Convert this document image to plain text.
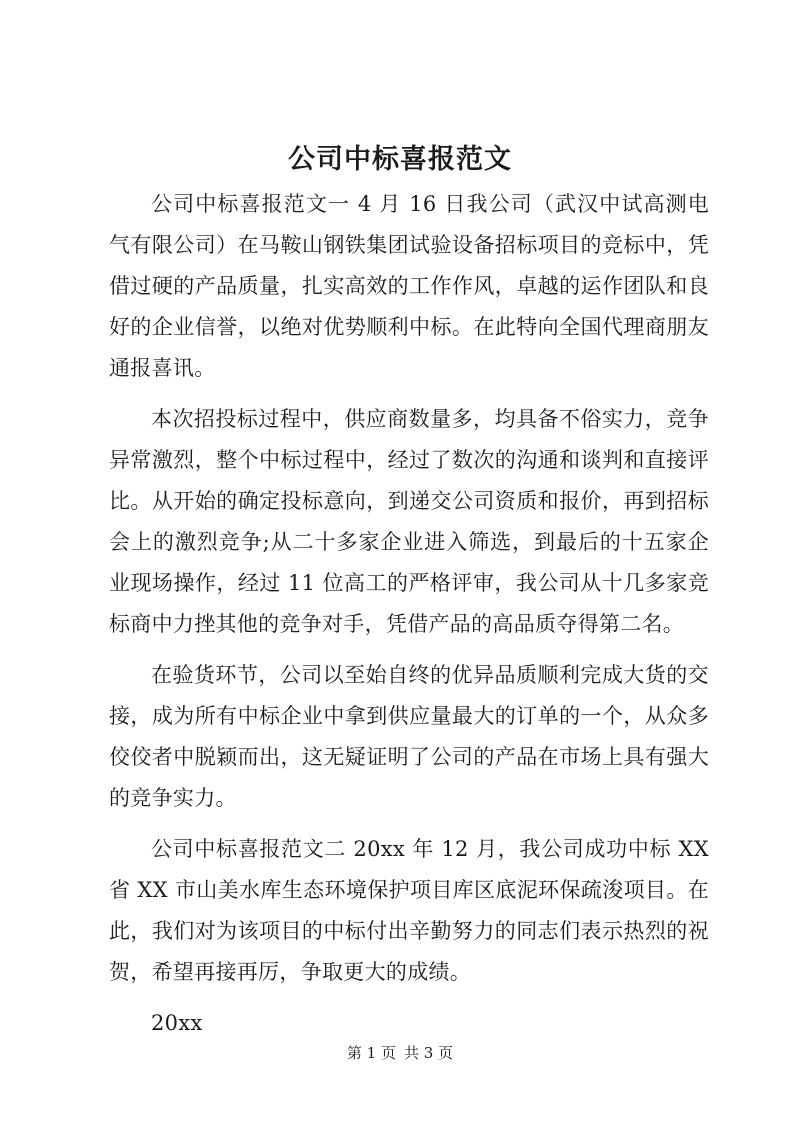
公司中标喜报范文

公司中标喜报范文一 4 月 16 日我公司（武汉中试高测电气有限公司）在马鞍山钢铁集团试验设备招标项目的竞标中，凭借过硬的产品质量，扎实高效的工作作风，卓越的运作团队和良好的企业信誉，以绝对优势顺利中标。在此特向全国代理商朋友通报喜讯。

本次招投标过程中，供应商数量多，均具备不俗实力，竞争异常激烈，整个中标过程中，经过了数次的沟通和谈判和直接评比。从开始的确定投标意向，到递交公司资质和报价，再到招标会上的激烈竞争;从二十多家企业进入筛选，到最后的十五家企业现场操作，经过 11 位高工的严格评审，我公司从十几多家竞标商中力挫其他的竞争对手，凭借产品的高品质夺得第二名。

在验货环节，公司以至始自终的优异品质顺利完成大货的交接，成为所有中标企业中拿到供应量最大的订单的一个，从众多佼佼者中脱颖而出，这无疑证明了公司的产品在市场上具有强大的竞争实力。

公司中标喜报范文二 20xx 年 12 月，我公司成功中标 XX 省 XX 市山美水库生态环境保护项目库区底泥环保疏浚项目。在此，我们对为该项目的中标付出辛勤努力的同志们表示热烈的祝贺，希望再接再厉，争取更大的成绩。

20xx

第 1 页 共 3 页
